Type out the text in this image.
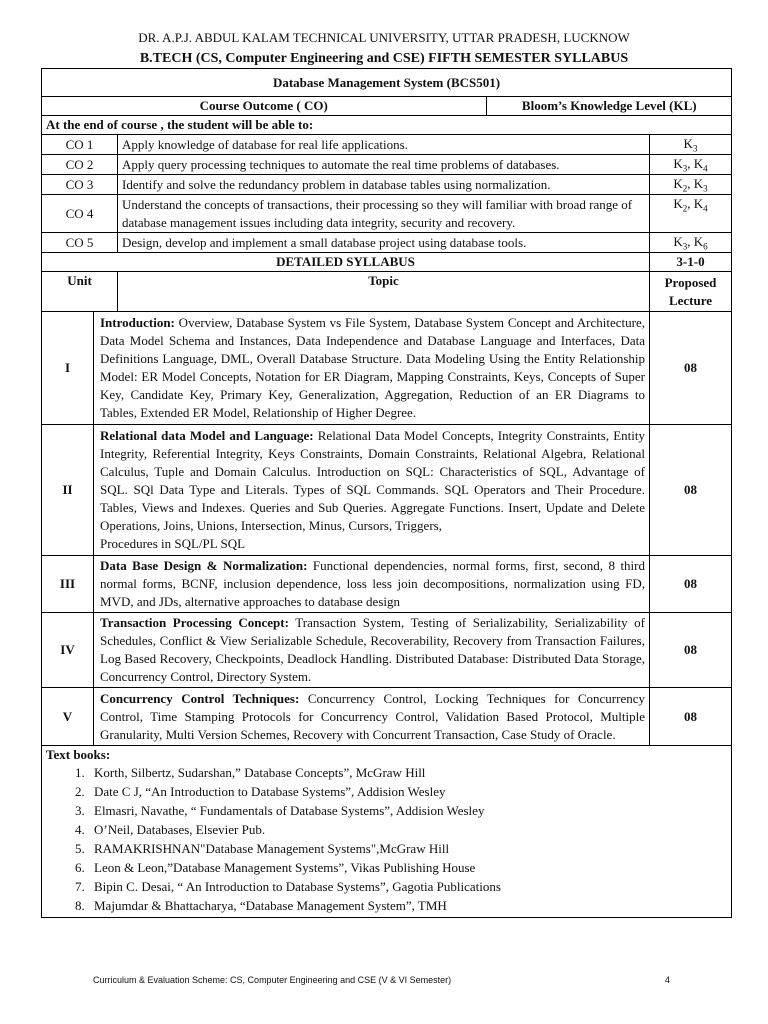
DR. A.P.J. ABDUL KALAM TECHNICAL UNIVERSITY, UTTAR PRADESH, LUCKNOW
B.TECH (CS, Computer Engineering and CSE) FIFTH SEMESTER SYLLABUS
Database Management System (BCS501)

Course Outcome ( CO)	Bloom’s Knowledge Level (KL)

At the end of course , the student will be able to:
CO 1	Apply knowledge of database for real life applications.	$K_3$
CO 2	Apply query processing techniques to automate the real time problems of databases.	$K_3$, $K_4$
CO 3	Identify and solve the redundancy problem in database tables using normalization.	$K_2$, $K_3$
CO 4	Understand the concepts of transactions, their processing so they will familiar with broad range of database management issues including data integrity, security and recovery.	$K_2$, $K_4$
CO 5	Design, develop and implement a small database project using database tools.	$K_3$, $K_6$
DETAILED SYLLABUS	3-1-0
Unit	Topic	Proposed Lecture
I	Introduction: Overview, Database System vs File System, Database System Concept and Architecture, Data Model Schema and Instances, Data Independence and Database Language and Interfaces, Data Definitions Language, DML, Overall Database Structure. Data Modeling Using the Entity Relationship Model: ER Model Concepts, Notation for ER Diagram, Mapping Constraints, Keys, Concepts of Super Key, Candidate Key, Primary Key, Generalization, Aggregation, Reduction of an ER Diagrams to Tables, Extended ER Model, Relationship of Higher Degree.	08
II	Relational data Model and Language: Relational Data Model Concepts, Integrity Constraints, Entity Integrity, Referential Integrity, Keys Constraints, Domain Constraints, Relational Algebra, Relational Calculus, Tuple and Domain Calculus. Introduction on SQL: Characteristics of SQL, Advantage of SQL. SQl Data Type and Literals. Types of SQL Commands. SQL Operators and Their Procedure. Tables, Views and Indexes. Queries and Sub Queries. Aggregate Functions. Insert, Update and Delete Operations, Joins, Unions, Intersection, Minus, Cursors, Triggers,
Procedures in SQL/PL SQL	08
III	Data Base Design & Normalization: Functional dependencies, normal forms, first, second, 8 third normal forms, BCNF, inclusion dependence, loss less join decompositions, normalization using FD, MVD, and JDs, alternative approaches to database design	08
IV	Transaction Processing Concept: Transaction System, Testing of Serializability, Serializability of Schedules, Conflict & View Serializable Schedule, Recoverability, Recovery from Transaction Failures, Log Based Recovery, Checkpoints, Deadlock Handling. Distributed Database: Distributed Data Storage, Concurrency Control, Directory System.	08
V	Concurrency Control Techniques: Concurrency Control, Locking Techniques for Concurrency Control, Time Stamping Protocols for Concurrency Control, Validation Based Protocol, Multiple Granularity, Multi Version Schemes, Recovery with Concurrent Transaction, Case Study of Oracle.	08

Text books:
1. Korth, Silbertz, Sudarshan,” Database Concepts”, McGraw Hill
2. Date C J, “An Introduction to Database Systems”, Addision Wesley
3. Elmasri, Navathe, “ Fundamentals of Database Systems”, Addision Wesley
4. O’Neil, Databases, Elsevier Pub.
5. RAMAKRISHNAN"Database Management Systems",McGraw Hill
6. Leon & Leon,”Database Management Systems”, Vikas Publishing House
7. Bipin C. Desai, “ An Introduction to Database Systems”, Gagotia Publications
8. Majumdar & Bhattacharya, “Database Management System”, TMH
Curriculum & Evaluation Scheme: CS, Computer Engineering and CSE (V & VI Semester)	4
